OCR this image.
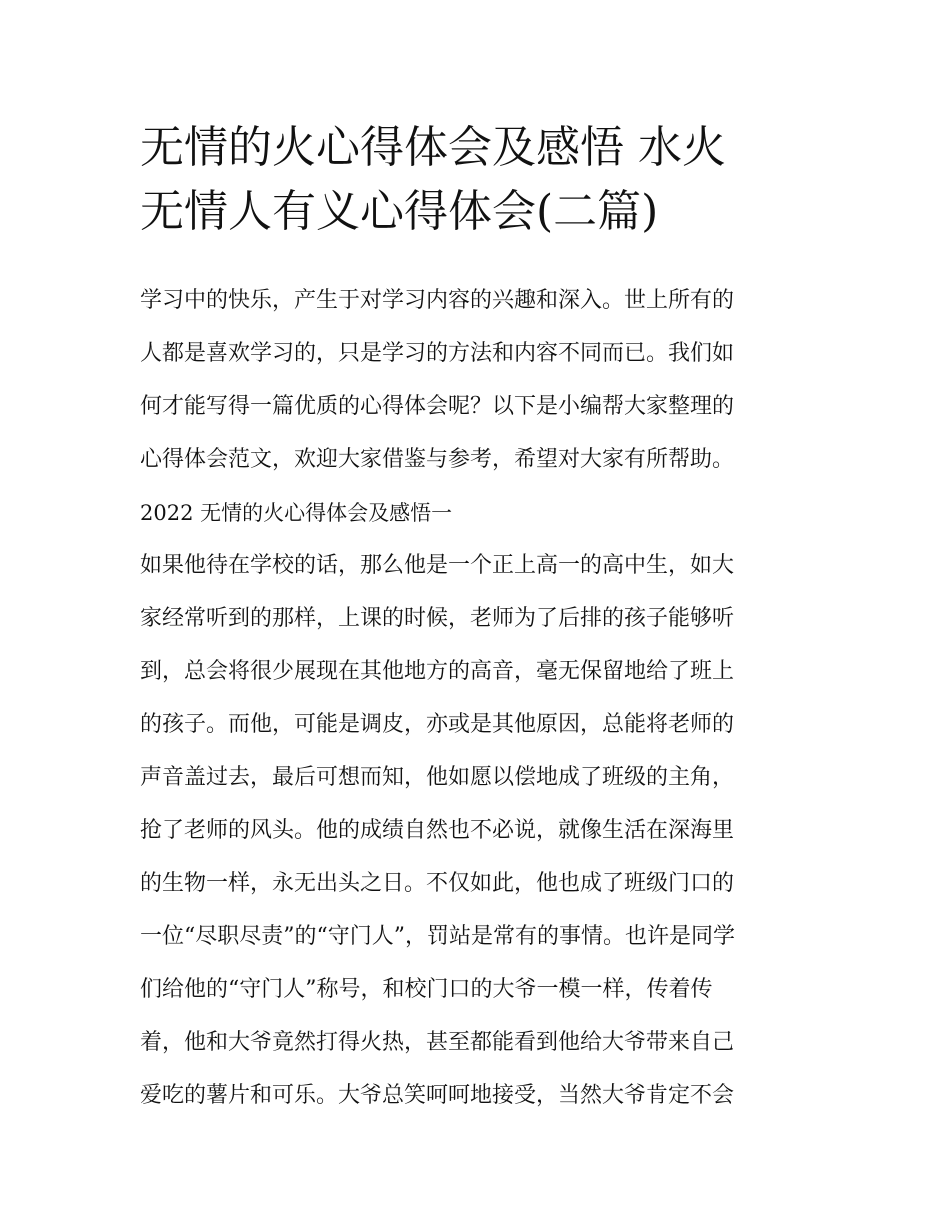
无情的火心得体会及感悟 水火
无情人有义心得体会(二篇)
学习中的快乐，产生于对学习内容的兴趣和深入。世上所有的
人都是喜欢学习的，只是学习的方法和内容不同而已。我们如
何才能写得一篇优质的心得体会呢？以下是小编帮大家整理的
心得体会范文，欢迎大家借鉴与参考，希望对大家有所帮助。
2022 无情的火心得体会及感悟一
如果他待在学校的话，那么他是一个正上高一的高中生，如大
家经常听到的那样，上课的时候，老师为了后排的孩子能够听
到，总会将很少展现在其他地方的高音，毫无保留地给了班上
的孩子。而他，可能是调皮，亦或是其他原因，总能将老师的
声音盖过去，最后可想而知，他如愿以偿地成了班级的主角，
抢了老师的风头。他的成绩自然也不必说，就像生活在深海里
的生物一样，永无出头之日。不仅如此，他也成了班级门口的
一位“尽职尽责”的“守门人”，罚站是常有的事情。也许是同学
们给他的“守门人”称号，和校门口的大爷一模一样，传着传
着，他和大爷竟然打得火热，甚至都能看到他给大爷带来自己
爱吃的薯片和可乐。大爷总笑呵呵地接受，当然大爷肯定不会
